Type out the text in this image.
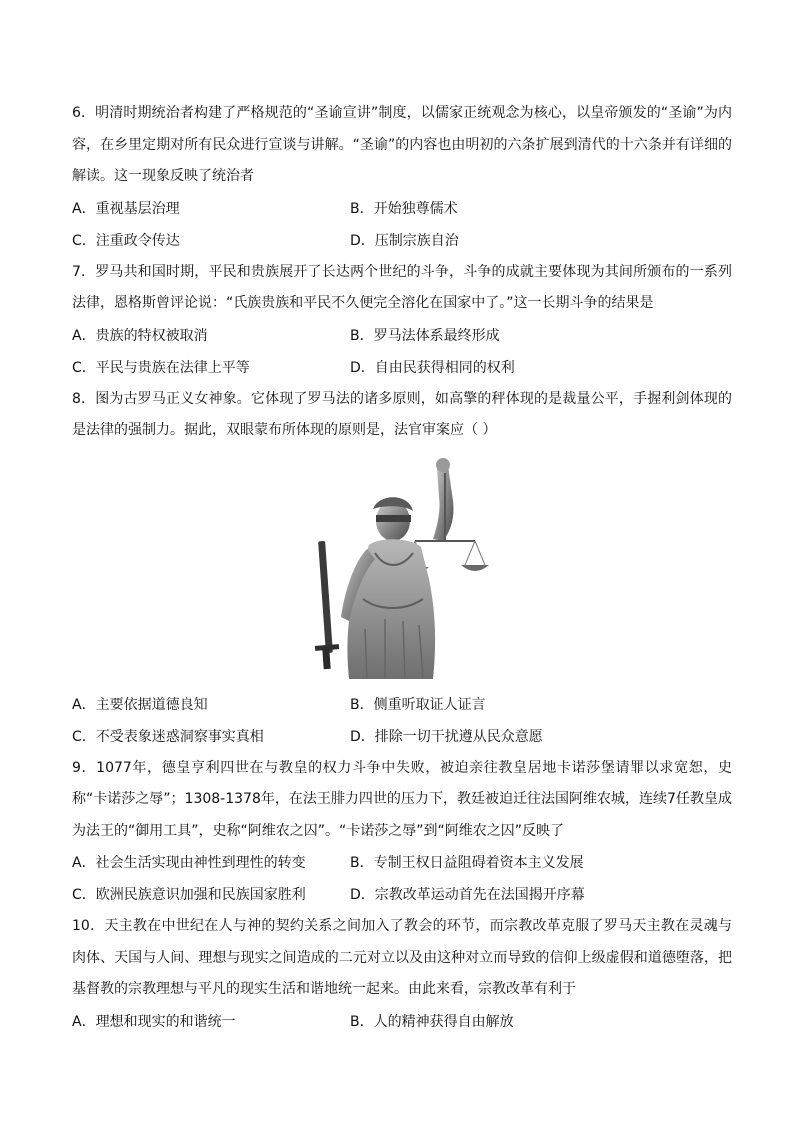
6．明清时期统治者构建了严格规范的“圣谕宣讲”制度，以儒家正统观念为核心，以皇帝颁发的“圣谕”为内容，在乡里定期对所有民众进行宣谈与讲解。“圣谕”的内容也由明初的六条扩展到清代的十六条并有详细的解读。这一现象反映了统治者

A．重视基层治理	B．开始独尊儒术
C．注重政令传达	D．压制宗族自治

7．罗马共和国时期，平民和贵族展开了长达两个世纪的斗争，斗争的成就主要体现为其间所颁布的一系列法律，恩格斯曾评论说：“氏族贵族和平民不久便完全溶化在国家中了。”这一长期斗争的结果是

A．贵族的特权被取消	B．罗马法体系最终形成
C．平民与贵族在法律上平等	D．自由民获得相同的权利

8．图为古罗马正义女神象。它体现了罗马法的诸多原则，如高擎的秤体现的是裁量公平，手握利剑体现的是法律的强制力。据此，双眼蒙布所体现的原则是，法官审案应（ ）

A．主要依据道德良知	B．侧重听取证人证言
C．不受表象迷惑洞察事实真相	D．排除一切干扰遵从民众意愿

9．1077年，德皇亨利四世在与教皇的权力斗争中失败，被迫亲往教皇居地卡诺莎堡请罪以求宽恕，史称“卡诺莎之辱”；1308-1378年，在法王腓力四世的压力下，教廷被迫迁往法国阿维农城，连续7任教皇成为法王的“御用工具”，史称“阿维农之囚”。“卡诺莎之辱”到“阿维农之囚”反映了

A．社会生活实现由神性到理性的转变	B．专制王权日益阻碍着资本主义发展
C．欧洲民族意识加强和民族国家胜利	D．宗教改革运动首先在法国揭开序幕

10．天主教在中世纪在人与神的契约关系之间加入了教会的环节，而宗教改革克服了罗马天主教在灵魂与肉体、天国与人间、理想与现实之间造成的二元对立以及由这种对立而导致的信仰上级虚假和道德堕落，把基督教的宗教理想与平凡的现实生活和谐地统一起来。由此来看，宗教改革有利于

A．理想和现实的和谐统一	B．人的精神获得自由解放
